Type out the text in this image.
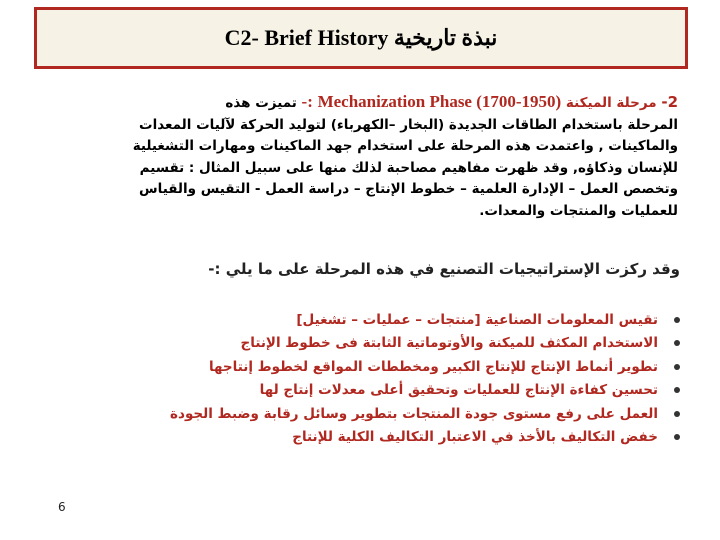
C2- Brief History نبذة تاريخية
2- مرحلة الميكنة Mechanization Phase (1700-1950) -: تميزت هذه
المرحلة باستخدام الطاقات الجديدة (البخار –الكهرباء) لتوليد الحركة لآليات المعدات
والماكينات , واعتمدت هذه المرحلة على استخدام جهد الماكينات ومهارات التشغيلية
للإنسان وذكاؤه, وقد ظهرت مفاهيم مصاحبة لذلك منها على سبيل المثال : تقسيم
وتخصص العمل – الإدارة العلمية – خطوط الإنتاج – دراسة العمل - التقيس والقياس
للعمليات والمنتجات والمعدات.
وقد ركزت الإستراتيجيات التصنيع في هذه المرحلة على ما يلي :-
تقيس المعلومات الصناعية [منتجات – عمليات – تشغيل]
الاستخدام المكثف للميكنة والأوتوماتية الثابتة فى خطوط الإنتاج
تطوير أنماط الإنتاج للإنتاج الكبير ومخططات المواقع لخطوط إنتاجها
تحسين كفاءة الإنتاج للعمليات وتحقيق أعلى معدلات إنتاج لها
العمل على رفع مستوى جودة المنتجات بتطوير وسائل رقابة وضبط الجودة
خفض التكاليف بالأخذ في الاعتبار التكاليف الكلية للإنتاج
6
